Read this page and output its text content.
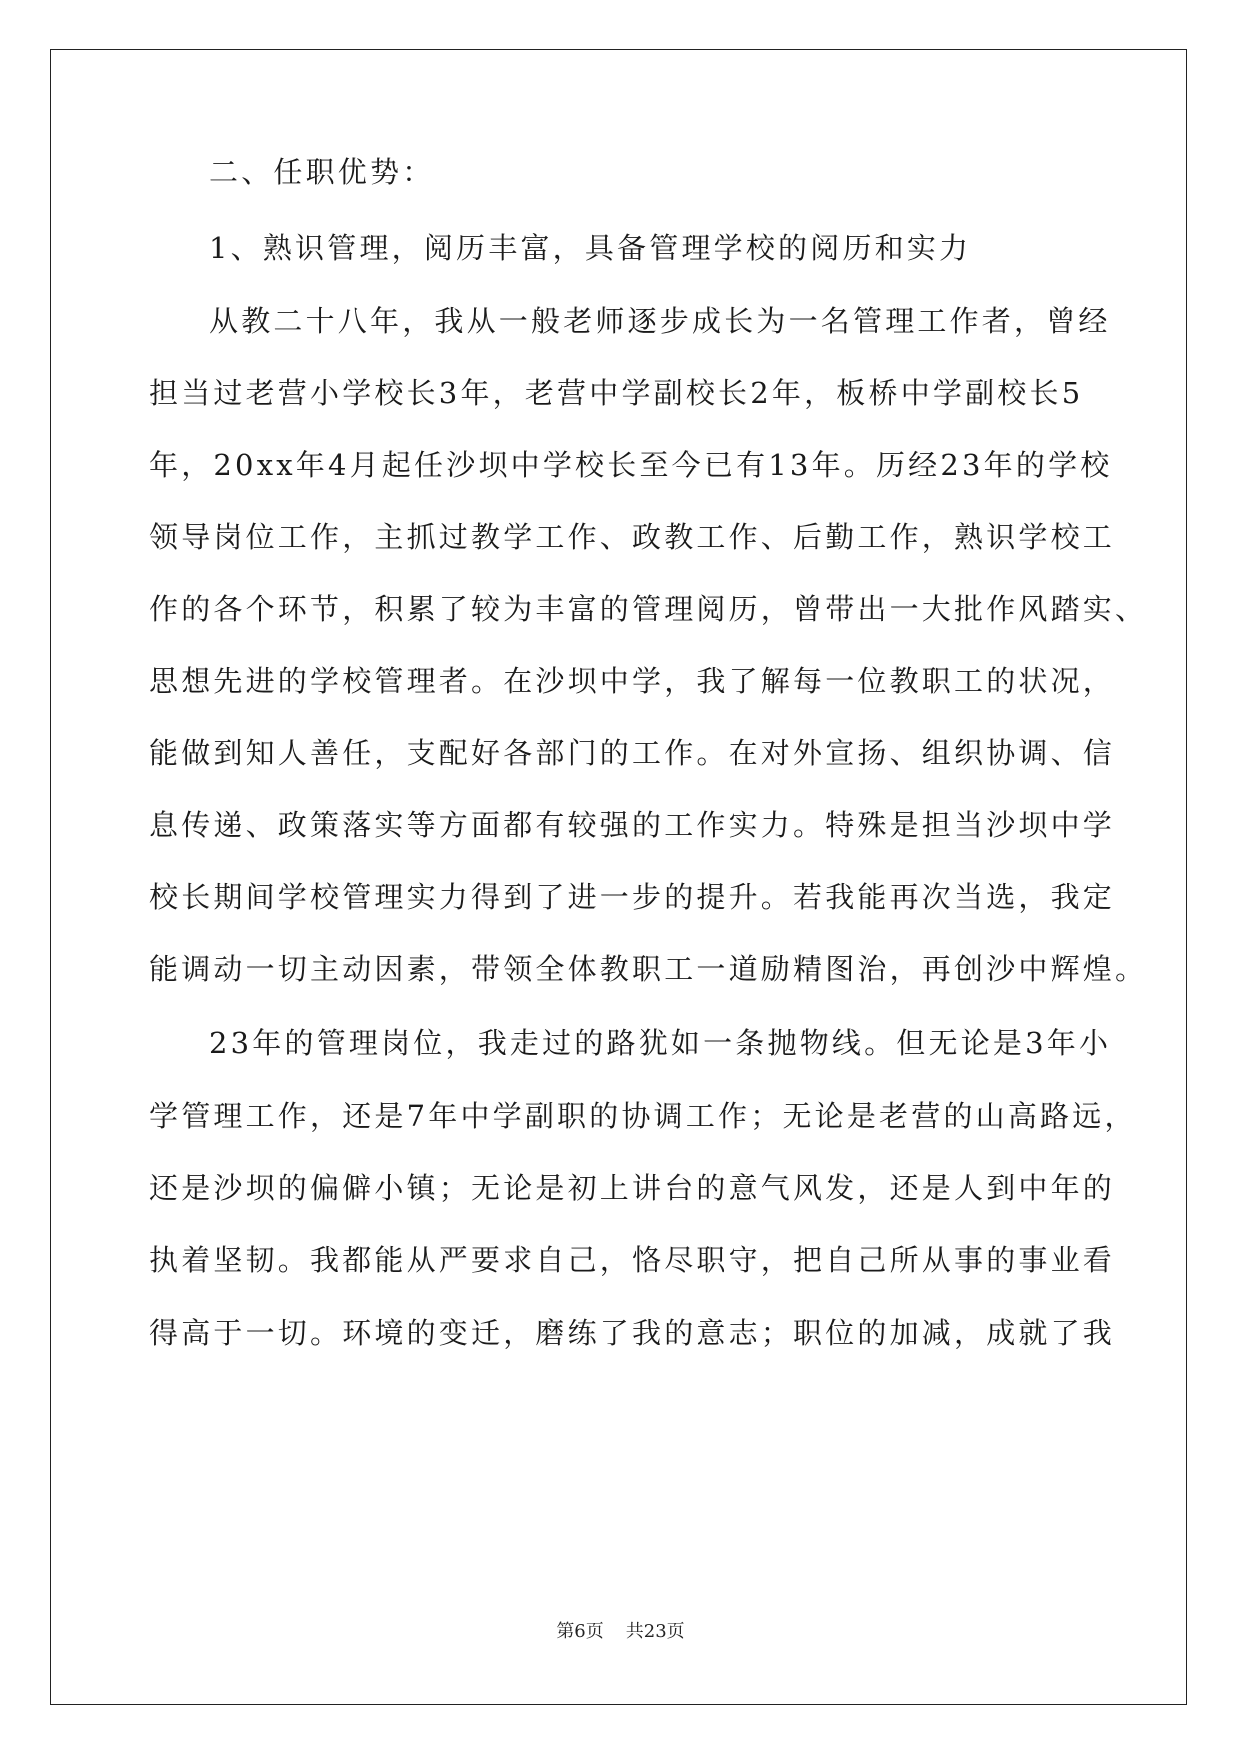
二、任职优势：
1、熟识管理，阅历丰富，具备管理学校的阅历和实力
从教二十八年，我从一般老师逐步成长为一名管理工作者，曾经
担当过老营小学校长3年，老营中学副校长2年，板桥中学副校长5
年，20xx年4月起任沙坝中学校长至今已有13年。历经23年的学校
领导岗位工作，主抓过教学工作、政教工作、后勤工作，熟识学校工
作的各个环节，积累了较为丰富的管理阅历，曾带出一大批作风踏实、
思想先进的学校管理者。在沙坝中学，我了解每一位教职工的状况，
能做到知人善任，支配好各部门的工作。在对外宣扬、组织协调、信
息传递、政策落实等方面都有较强的工作实力。特殊是担当沙坝中学
校长期间学校管理实力得到了进一步的提升。若我能再次当选，我定
能调动一切主动因素，带领全体教职工一道励精图治，再创沙中辉煌。
23年的管理岗位，我走过的路犹如一条抛物线。但无论是3年小
学管理工作，还是7年中学副职的协调工作；无论是老营的山高路远，
还是沙坝的偏僻小镇；无论是初上讲台的意气风发，还是人到中年的
执着坚韧。我都能从严要求自己，恪尽职守，把自己所从事的事业看
得高于一切。环境的变迁，磨练了我的意志；职位的加减，成就了我
第6页 共23页
